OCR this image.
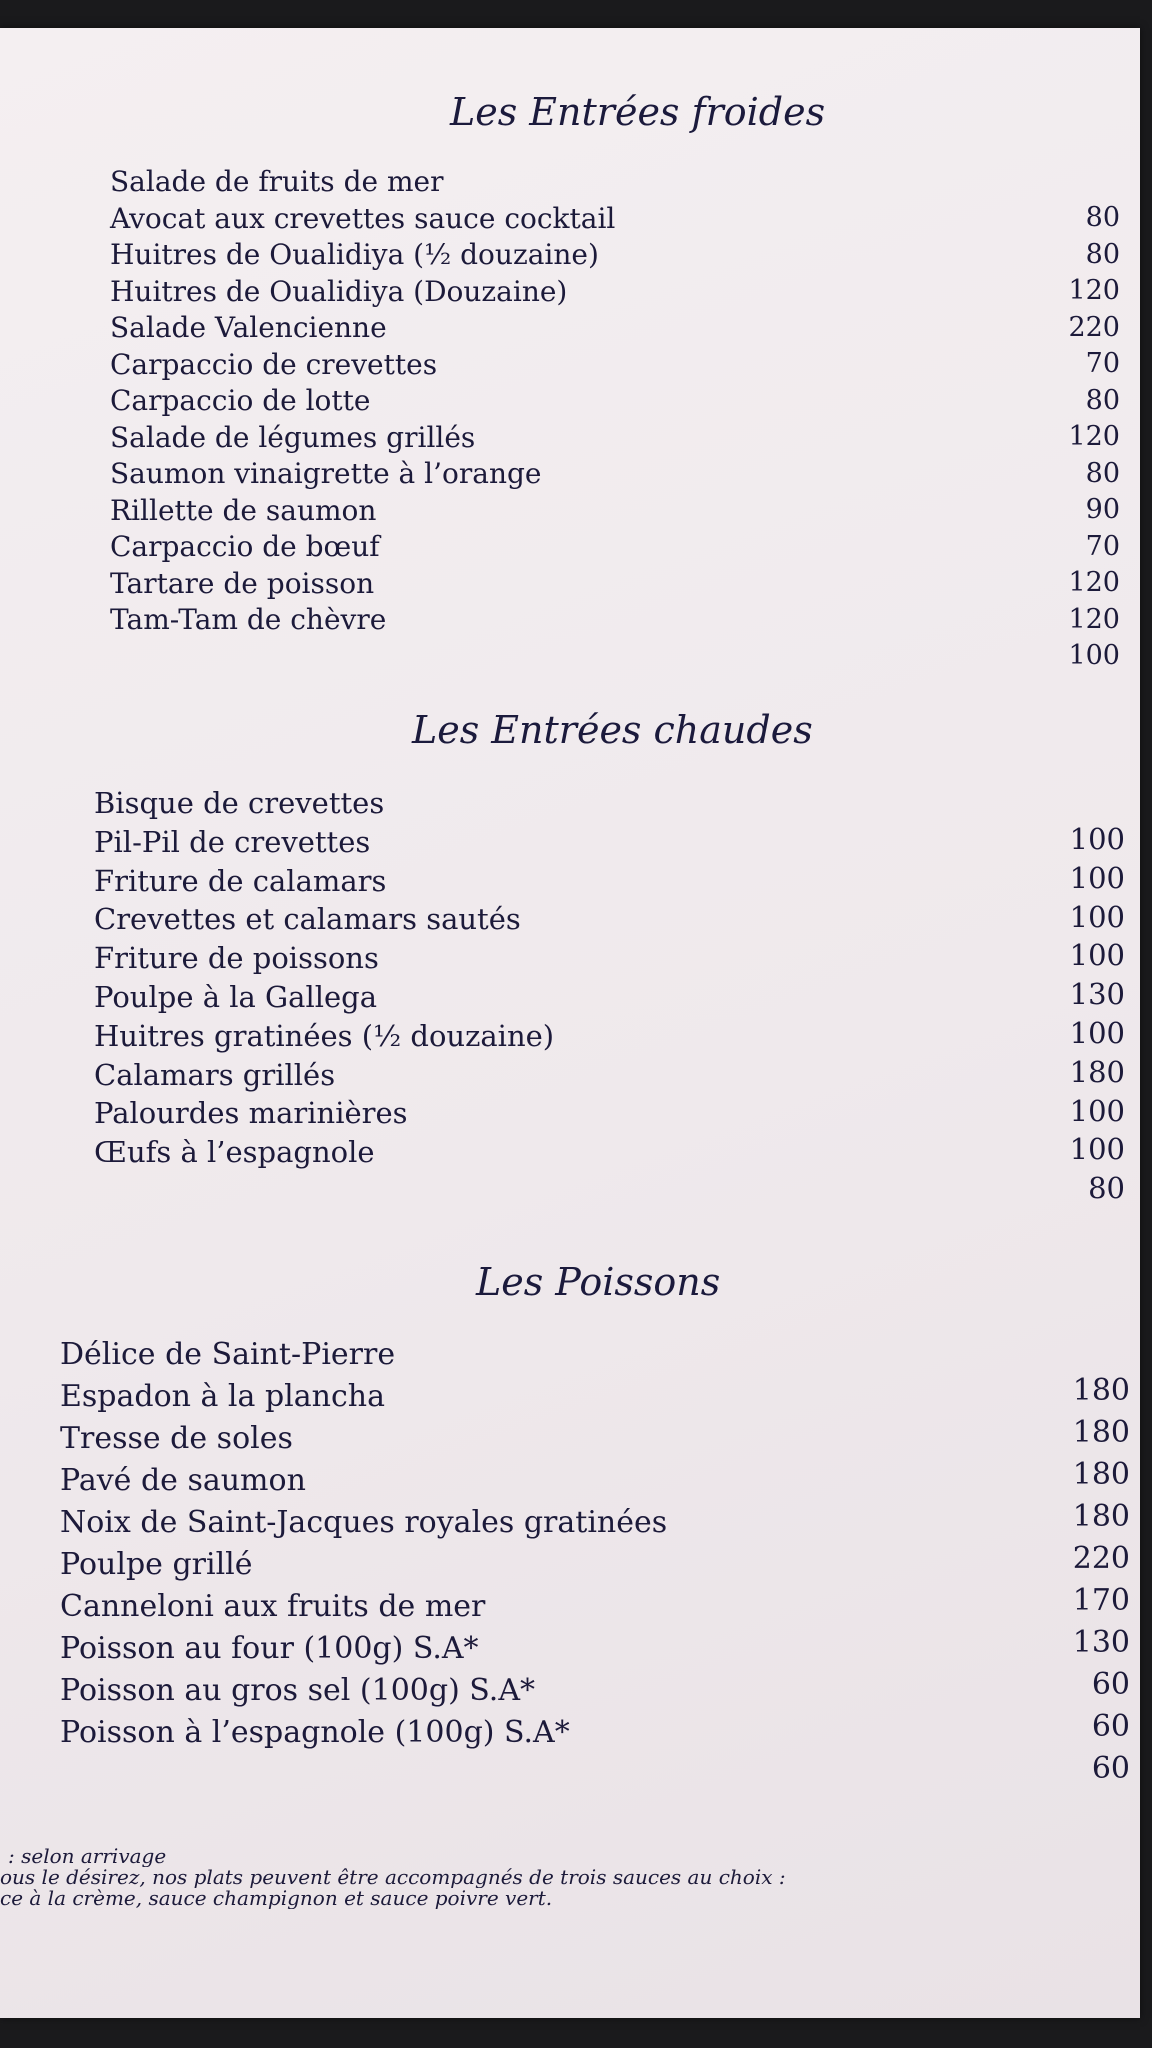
Les Entrées froides
Salade de fruits de mer
Avocat aux crevettes sauce cocktail
Huitres de Oualidiya (½ douzaine)
Huitres de Oualidiya (Douzaine)
Salade Valencienne
Carpaccio de crevettes
Carpaccio de lotte
Salade de légumes grillés
Saumon vinaigrette à l’orange
Rillette de saumon
Carpaccio de bœuf
Tartare de poisson
Tam-Tam de chèvre
80
80
120
220
70
80
120
80
90
70
120
120
100
Les Entrées chaudes
Bisque de crevettes
Pil-Pil de crevettes
Friture de calamars
Crevettes et calamars sautés
Friture de poissons
Poulpe à la Gallega
Huitres gratinées (½ douzaine)
Calamars grillés
Palourdes marinières
Œufs à l’espagnole
100
100
100
100
130
100
180
100
100
80
Les Poissons
Délice de Saint-Pierre
Espadon à la plancha
Tresse de soles
Pavé de saumon
Noix de Saint-Jacques royales gratinées
Poulpe grillé
Canneloni aux fruits de mer
Poisson au four (100g) S.A*
Poisson au gros sel (100g) S.A*
Poisson à l’espagnole (100g) S.A*
180
180
180
180
220
170
130
60
60
60
: selon arrivage
ous le désirez, nos plats peuvent être accompagnés de trois sauces au choix :
ce à la crème, sauce champignon et sauce poivre vert.
